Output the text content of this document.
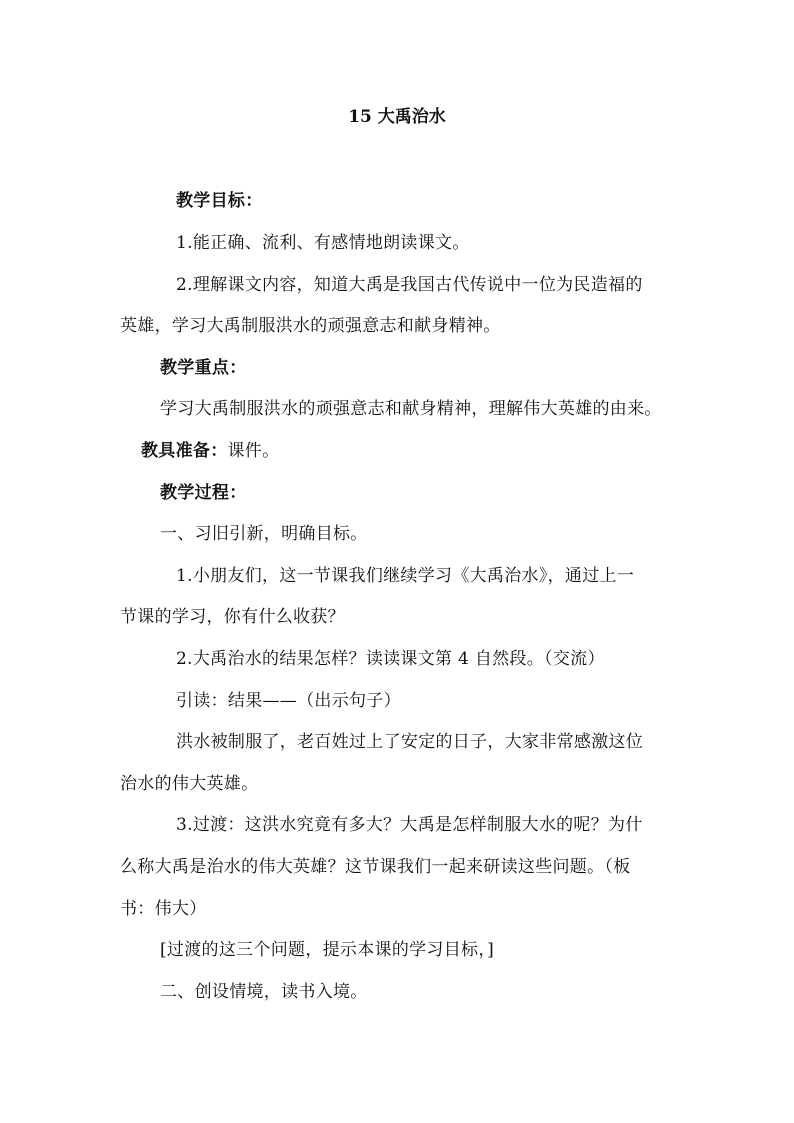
15 大禹治水
教学目标：
1.能正确、流利、有感情地朗读课文。
2.理解课文内容，知道大禹是我国古代传说中一位为民造福的
英雄，学习大禹制服洪水的顽强意志和献身精神。
教学重点：
学习大禹制服洪水的顽强意志和献身精神，理解伟大英雄的由来。
教具准备：课件。
教学过程：
一、习旧引新，明确目标。
1.小朋友们，这一节课我们继续学习《大禹治水》，通过上一
节课的学习，你有什么收获？
2.大禹治水的结果怎样？读读课文第 4 自然段。（交流）
引读：结果——（出示句子）
洪水被制服了，老百姓过上了安定的日子，大家非常感激这位
治水的伟大英雄。
3.过渡：这洪水究竟有多大？大禹是怎样制服大水的呢？为什
么称大禹是治水的伟大英雄？这节课我们一起来研读这些问题。（板
书：伟大）
[过渡的这三个问题，提示本课的学习目标，]
二、创设情境，读书入境。
